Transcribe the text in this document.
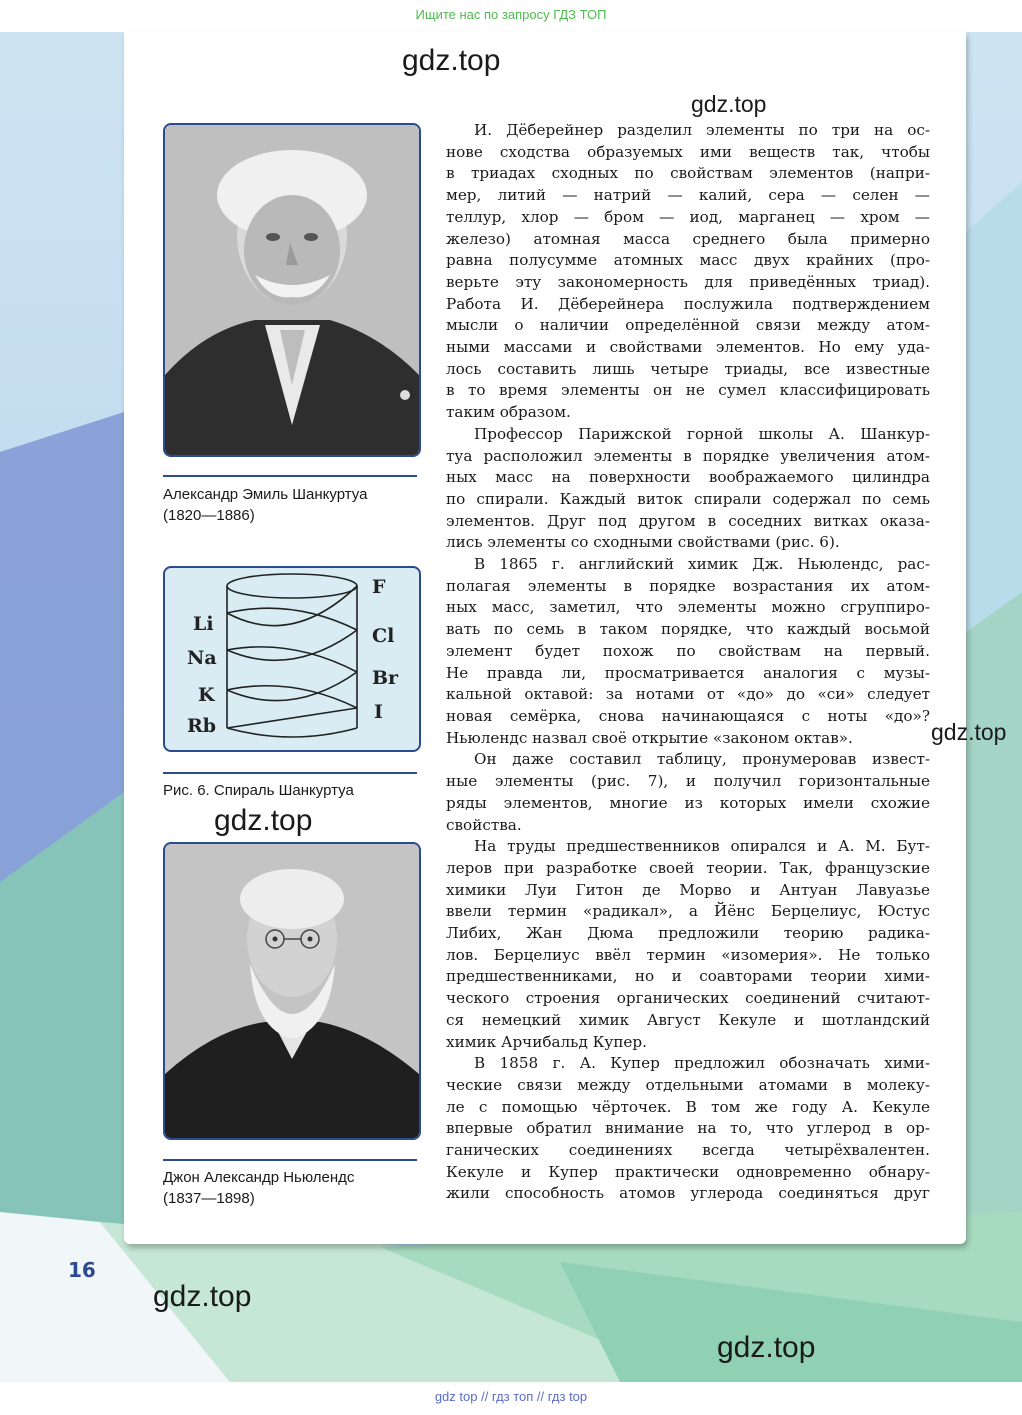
Ищите нас по запросу ГДЗ ТОП
Александр Эмиль Шанкуртуа
(1820—1886)
Li
Na
K
Rb
F
Cl
Br
I
Рис. 6. Спираль Шанкуртуа
Джон Александр Ньюлендс
(1837—1898)
И. Дёберейнер разделил элементы по три на ос-
нове сходства образуемых ими веществ так, чтобы
в триадах сходных по свойствам элементов (напри-
мер, литий — натрий — калий, сера — селен —
теллур, хлор — бром — иод, марганец — хром —
железо) атомная масса среднего была примерно
равна полусумме атомных масс двух крайних (про-
верьте эту закономерность для приведённых триад).
Работа И. Дёберейнера послужила подтверждением
мысли о наличии определённой связи между атом-
ными массами и свойствами элементов. Но ему уда-
лось составить лишь четыре триады, все известные
в то время элементы он не сумел классифицировать
таким образом.
Профессор Парижской горной школы А. Шанкур-
туа расположил элементы в порядке увеличения атом-
ных масс на поверхности воображаемого цилиндра
по спирали. Каждый виток спирали содержал по семь
элементов. Друг под другом в соседних витках оказа-
лись элементы со сходными свойствами (рис. 6).
В 1865 г. английский химик Дж. Ньюлендс, рас-
полагая элементы в порядке возрастания их атом-
ных масс, заметил, что элементы можно сгруппиро-
вать по семь в таком порядке, что каждый восьмой
элемент будет похож по свойствам на первый.
Не правда ли, просматривается аналогия с музы-
кальной октавой: за нотами от «до» до «си» следует
новая семёрка, снова начинающаяся с ноты «до»?
Ньюлендс назвал своё открытие «законом октав».
Он даже составил таблицу, пронумеровав извест-
ные элементы (рис. 7), и получил горизонтальные
ряды элементов, многие из которых имели схожие
свойства.
На труды предшественников опирался и А. М. Бут-
леров при разработке своей теории. Так, французские
химики Луи Гитон де Морво и Антуан Лавуазье
ввели термин «радикал», а Йёнс Берцелиус, Юстус
Либих, Жан Дюма предложили теорию радика-
лов. Берцелиус ввёл термин «изомерия». Не только
предшественниками, но и соавторами теории хими-
ческого строения органических соединений считают-
ся немецкий химик Август Кекуле и шотландский
химик Арчибальд Купер.
В 1858 г. А. Купер предложил обозначать хими-
ческие связи между отдельными атомами в молеку-
ле с помощью чёрточек. В том же году А. Кекуле
впервые обратил внимание на то, что углерод в ор-
ганических соединениях всегда четырёхвалентен.
Кекуле и Купер практически одновременно обнару-
жили способность атомов углерода соединяться друг
gdz.top
gdz.top
gdz.top
gdz.top
gdz.top
gdz.top
16
gdz top // гдз топ // гдз top
